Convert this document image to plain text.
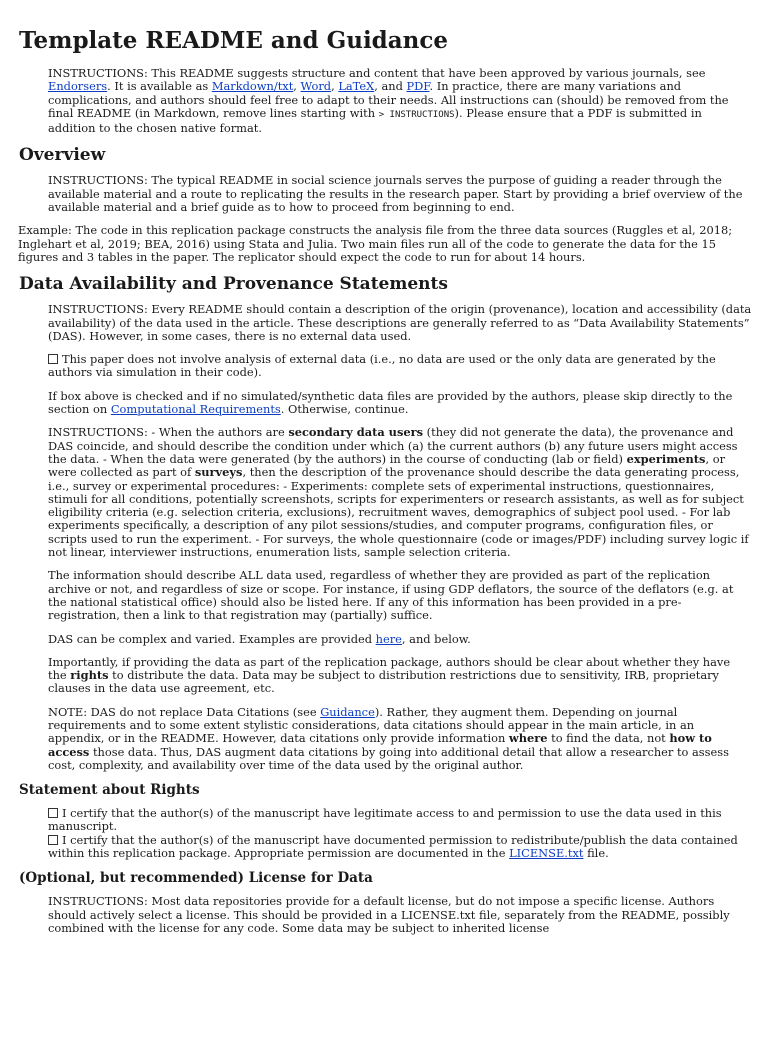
Template README and Guidance

INSTRUCTIONS: This README suggests structure and content that have been approved by various journals, see Endorsers. It is available as Markdown/txt, Word, LaTeX, and PDF. In practice, there are many variations and complications, and authors should feel free to adapt to their needs. All instructions can (should) be removed from the final README (in Markdown, remove lines starting with > INSTRUCTIONS). Please ensure that a PDF is submitted in addition to the chosen native format.

Overview

INSTRUCTIONS: The typical README in social science journals serves the purpose of guiding a reader through the available material and a route to replicating the results in the research paper. Start by providing a brief overview of the available material and a brief guide as to how to proceed from beginning to end.

Example: The code in this replication package constructs the analysis file from the three data sources (Ruggles et al, 2018; Inglehart et al, 2019; BEA, 2016) using Stata and Julia. Two main files run all of the code to generate the data for the 15 figures and 3 tables in the paper. The replicator should expect the code to run for about 14 hours.

Data Availability and Provenance Statements

INSTRUCTIONS: Every README should contain a description of the origin (provenance), location and accessibility (data availability) of the data used in the article. These descriptions are generally referred to as “Data Availability Statements” (DAS). However, in some cases, there is no external data used.

This paper does not involve analysis of external data (i.e., no data are used or the only data are generated by the authors via simulation in their code).

If box above is checked and if no simulated/synthetic data files are provided by the authors, please skip directly to the section on Computational Requirements. Otherwise, continue.

INSTRUCTIONS: - When the authors are secondary data users (they did not generate the data), the provenance and DAS coincide, and should describe the condition under which (a) the current authors (b) any future users might access the data. - When the data were generated (by the authors) in the course of conducting (lab or field) experiments, or were collected as part of surveys, then the description of the provenance should describe the data generating process, i.e., survey or experimental procedures: - Experiments: complete sets of experimental instructions, questionnaires, stimuli for all conditions, potentially screenshots, scripts for experimenters or research assistants, as well as for subject eligibility criteria (e.g. selection criteria, exclusions), recruitment waves, demographics of subject pool used. - For lab experiments specifically, a description of any pilot sessions/studies, and computer programs, configuration files, or scripts used to run the experiment. - For surveys, the whole questionnaire (code or images/PDF) including survey logic if not linear, interviewer instructions, enumeration lists, sample selection criteria.

The information should describe ALL data used, regardless of whether they are provided as part of the replication archive or not, and regardless of size or scope. For instance, if using GDP deflators, the source of the deflators (e.g. at the national statistical office) should also be listed here. If any of this information has been provided in a pre-registration, then a link to that registration may (partially) suffice.

DAS can be complex and varied. Examples are provided here, and below.

Importantly, if providing the data as part of the replication package, authors should be clear about whether they have the rights to distribute the data. Data may be subject to distribution restrictions due to sensitivity, IRB, proprietary clauses in the data use agreement, etc.

NOTE: DAS do not replace Data Citations (see Guidance). Rather, they augment them. Depending on journal requirements and to some extent stylistic considerations, data citations should appear in the main article, in an appendix, or in the README. However, data citations only provide information where to find the data, not how to access those data. Thus, DAS augment data citations by going into additional detail that allow a researcher to assess cost, complexity, and availability over time of the data used by the original author.

Statement about Rights

I certify that the author(s) of the manuscript have legitimate access to and permission to use the data used in this manuscript.
I certify that the author(s) of the manuscript have documented permission to redistribute/publish the data contained within this replication package. Appropriate permission are documented in the LICENSE.txt file.

(Optional, but recommended) License for Data

INSTRUCTIONS: Most data repositories provide for a default license, but do not impose a specific license. Authors should actively select a license. This should be provided in a LICENSE.txt file, separately from the README, possibly combined with the license for any code. Some data may be subject to inherited license
